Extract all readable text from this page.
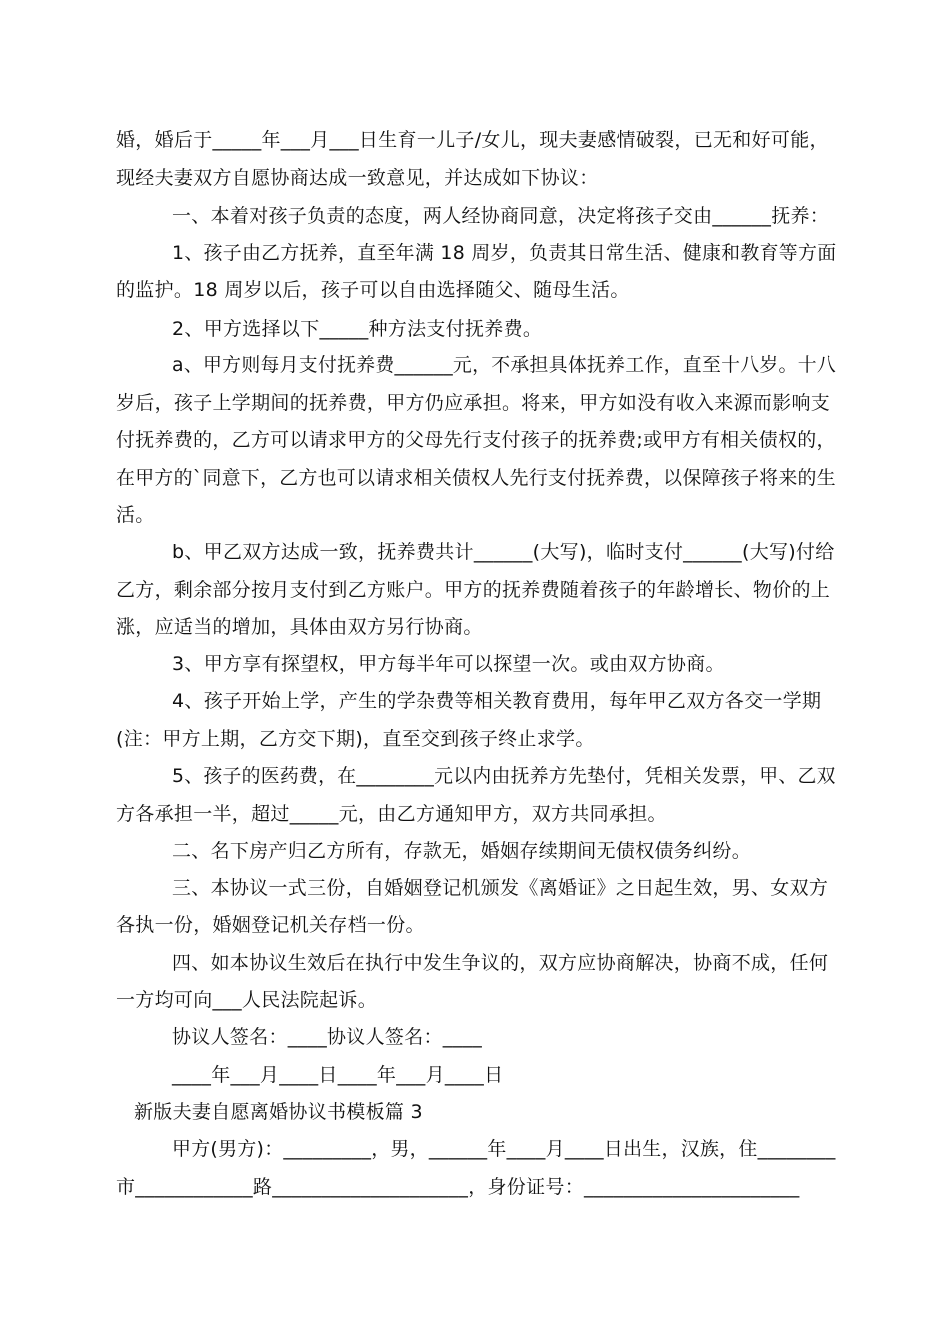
婚，婚后于_____年___月___日生育一儿子/女儿，现夫妻感情破裂，已无和好可能，
现经夫妻双方自愿协商达成一致意见，并达成如下协议：
一、本着对孩子负责的态度，两人经协商同意，决定将孩子交由______抚养：
1、孩子由乙方抚养，直至年满 18 周岁，负责其日常生活、健康和教育等方面
的监护。18 周岁以后，孩子可以自由选择随父、随母生活。
2、甲方选择以下_____种方法支付抚养费。
a、甲方则每月支付抚养费______元，不承担具体抚养工作，直至十八岁。十八
岁后，孩子上学期间的抚养费，甲方仍应承担。将来，甲方如没有收入来源而影响支
付抚养费的，乙方可以请求甲方的父母先行支付孩子的抚养费;或甲方有相关债权的，
在甲方的`同意下，乙方也可以请求相关债权人先行支付抚养费，以保障孩子将来的生
活。
b、甲乙双方达成一致，抚养费共计______(大写)，临时支付______(大写)付给
乙方，剩余部分按月支付到乙方账户。甲方的抚养费随着孩子的年龄增长、物价的上
涨，应适当的增加，具体由双方另行协商。
3、甲方享有探望权，甲方每半年可以探望一次。或由双方协商。
4、孩子开始上学，产生的学杂费等相关教育费用，每年甲乙双方各交一学期
(注：甲方上期，乙方交下期)，直至交到孩子终止求学。
5、孩子的医药费，在________元以内由抚养方先垫付，凭相关发票，甲、乙双
方各承担一半，超过_____元，由乙方通知甲方，双方共同承担。
二、名下房产归乙方所有，存款无，婚姻存续期间无债权债务纠纷。
三、本协议一式三份，自婚姻登记机颁发《离婚证》之日起生效，男、女双方
各执一份，婚姻登记机关存档一份。
四、如本协议生效后在执行中发生争议的，双方应协商解决，协商不成，任何
一方均可向___人民法院起诉。
协议人签名：____协议人签名：____
____年___月____日____年___月____日
新版夫妻自愿离婚协议书模板篇 3
甲方(男方)：_________，男，______年____月____日出生，汉族，住________
市____________路____________________，身份证号：______________________
